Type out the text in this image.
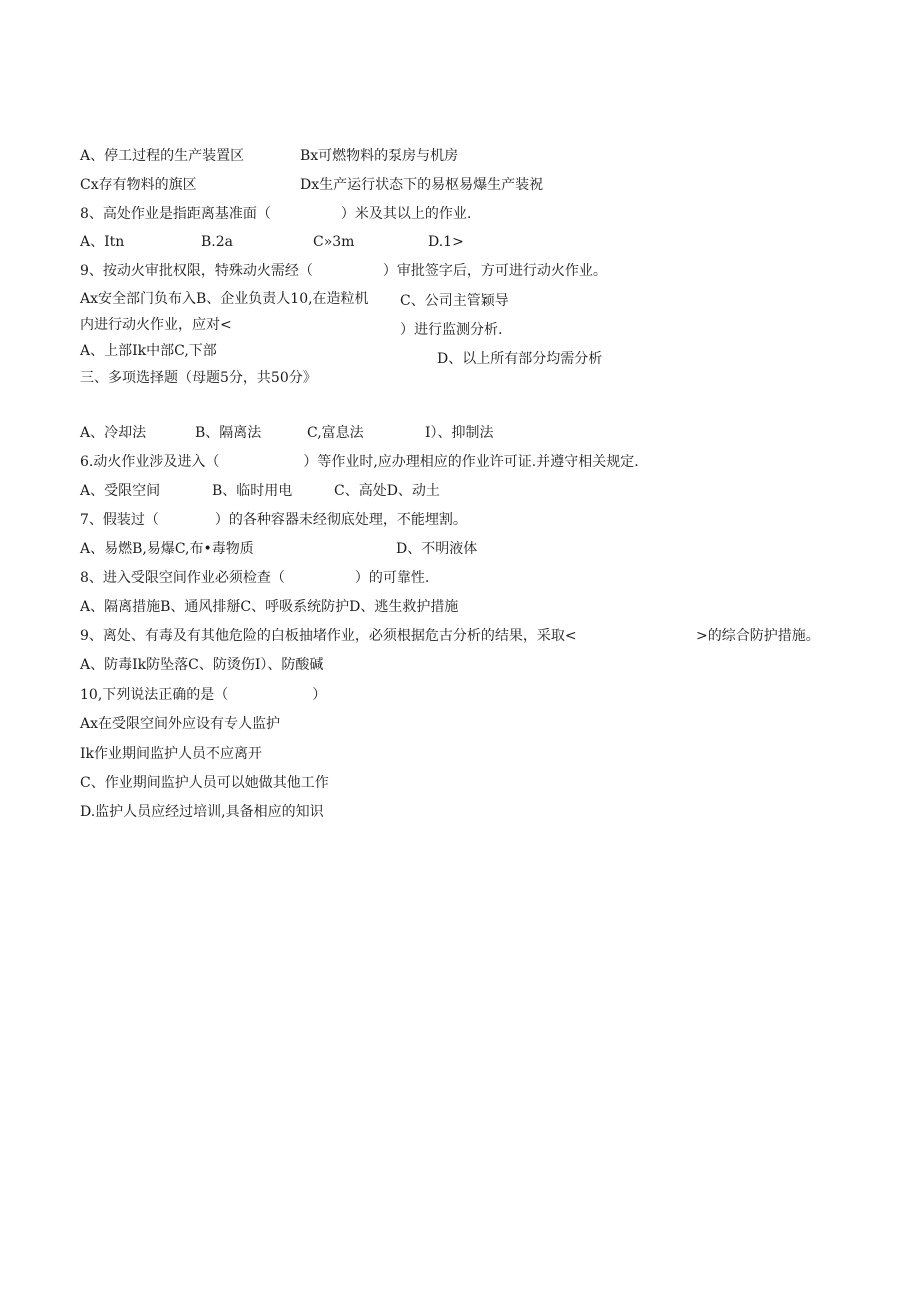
A、停工过程的生产装置区	Bx可燃物料的泵房与机房
Cx存有物料的旗区	Dx生产运行状态下的易枢易爆生产装祝
8、高处作业是指距离基准面（　　　　　）米及其以上的作业.
A、Itn	B.2a	C»3m	D.1>
9、按动火审批权限，特殊动火需经（　　　　　）审批签字后，方可进行动火作业。
Ax安全部门负布入B、企业负责人10,在造粒机 C、公司主管颖导
内进行动火作业，应对<	）进行监测分析.
A、上部Ik中部C,下部	D、以上所有部分均需分析
三、多项选择题（母题5分，共50分》
A、冷却法	B、隔离法	C,富息法	I）、抑制法
6.动火作业涉及进入（　　　　　　）等作业时,应办理相应的作业许可证.并遵守相关规定.
A、受限空间	B、临时用电	C、高处D、动土
7、假装过（　　　　）的各种容器未经彻底处理，不能埋割。
A、易燃B,易爆C,布•毒物质	D、不明液体
8、进入受限空间作业必须检查（　　　　　）的可靠性.
A、隔离措施B、通风排掰C、呼吸系统防护D、逃生救护措施
9、离处、有毒及有其他危险的白板抽堵作业，必须根据危古分析的结果，采取<	>的综合防护措施。
A、防毒Ik防坠落C、防烫伤I）、防酸碱
10,下列说法正确的是（　　　　　　）
Ax在受限空间外应设有专人监护
Ik作业期间监护人员不应离开
C、作业期间监护人员可以她做其他工作
D.监护人员应经过培训,具备相应的知识
